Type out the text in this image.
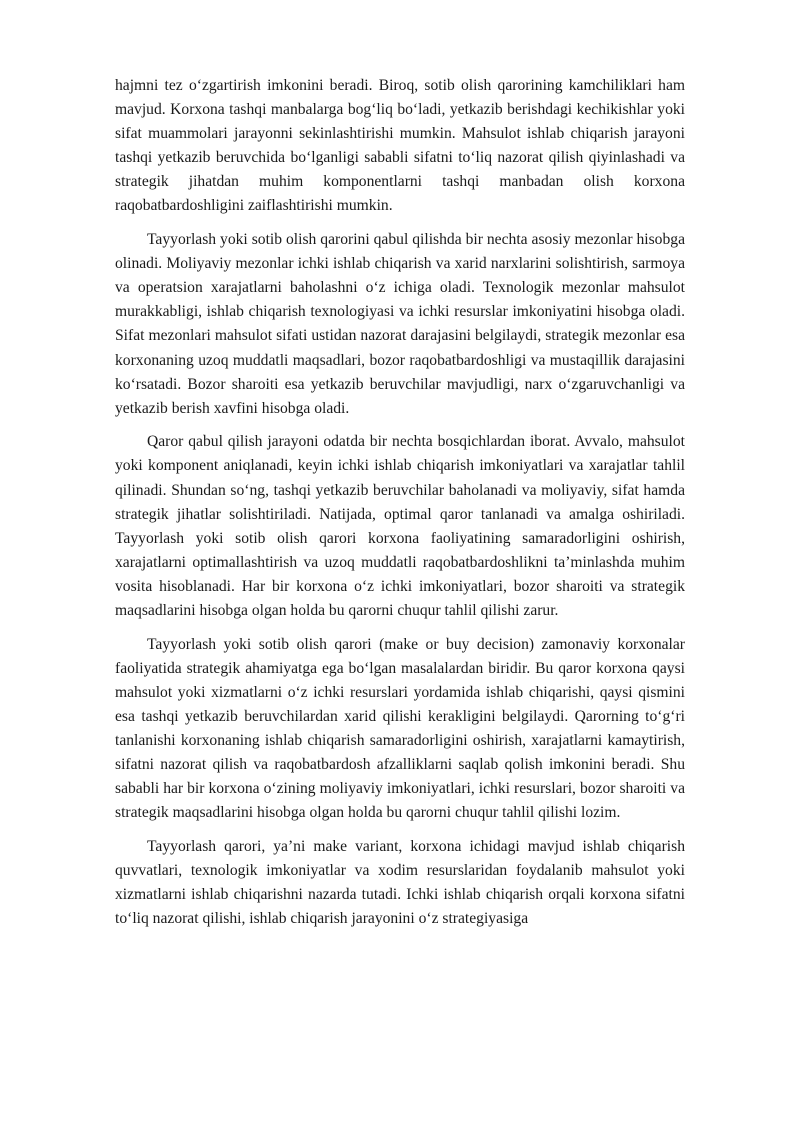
hajmni tez o‘zgartirish imkonini beradi. Biroq, sotib olish qarorining kamchiliklari ham mavjud. Korxona tashqi manbalarga bog‘liq bo‘ladi, yetkazib berishdagi kechikishlar yoki sifat muammolari jarayonni sekinlashtirishi mumkin. Mahsulot ishlab chiqarish jarayoni tashqi yetkazib beruvchida bo‘lganligi sababli sifatni to‘liq nazorat qilish qiyinlashadi va strategik jihatdan muhim komponentlarni tashqi manbadan olish korxona raqobatbardoshligini zaiflashtirishi mumkin.

Tayyorlash yoki sotib olish qarorini qabul qilishda bir nechta asosiy mezonlar hisobga olinadi. Moliyaviy mezonlar ichki ishlab chiqarish va xarid narxlarini solishtirish, sarmoya va operatsion xarajatlarni baholashni o‘z ichiga oladi. Texnologik mezonlar mahsulot murakkabligi, ishlab chiqarish texnologiyasi va ichki resurslar imkoniyatini hisobga oladi. Sifat mezonlari mahsulot sifati ustidan nazorat darajasini belgilaydi, strategik mezonlar esa korxonaning uzoq muddatli maqsadlari, bozor raqobatbardoshligi va mustaqillik darajasini ko‘rsatadi. Bozor sharoiti esa yetkazib beruvchilar mavjudligi, narx o‘zgaruvchanligi va yetkazib berish xavfini hisobga oladi.

Qaror qabul qilish jarayoni odatda bir nechta bosqichlardan iborat. Avvalo, mahsulot yoki komponent aniqlanadi, keyin ichki ishlab chiqarish imkoniyatlari va xarajatlar tahlil qilinadi. Shundan so‘ng, tashqi yetkazib beruvchilar baholanadi va moliyaviy, sifat hamda strategik jihatlar solishtiriladi. Natijada, optimal qaror tanlanadi va amalga oshiriladi. Tayyorlash yoki sotib olish qarori korxona faoliyatining samaradorligini oshirish, xarajatlarni optimallashtirish va uzoq muddatli raqobatbardoshlikni ta’minlashda muhim vosita hisoblanadi. Har bir korxona o‘z ichki imkoniyatlari, bozor sharoiti va strategik maqsadlarini hisobga olgan holda bu qarorni chuqur tahlil qilishi zarur.

Tayyorlash yoki sotib olish qarori (make or buy decision) zamonaviy korxonalar faoliyatida strategik ahamiyatga ega bo‘lgan masalalardan biridir. Bu qaror korxona qaysi mahsulot yoki xizmatlarni o‘z ichki resurslari yordamida ishlab chiqarishi, qaysi qismini esa tashqi yetkazib beruvchilardan xarid qilishi kerakligini belgilaydi. Qarorning to‘g‘ri tanlanishi korxonaning ishlab chiqarish samaradorligini oshirish, xarajatlarni kamaytirish, sifatni nazorat qilish va raqobatbardosh afzalliklarni saqlab qolish imkonini beradi. Shu sababli har bir korxona o‘zining moliyaviy imkoniyatlari, ichki resurslari, bozor sharoiti va strategik maqsadlarini hisobga olgan holda bu qarorni chuqur tahlil qilishi lozim.

Tayyorlash qarori, ya’ni make variant, korxona ichidagi mavjud ishlab chiqarish quvvatlari, texnologik imkoniyatlar va xodim resurslaridan foydalanib mahsulot yoki xizmatlarni ishlab chiqarishni nazarda tutadi. Ichki ishlab chiqarish orqali korxona sifatni to‘liq nazorat qilishi, ishlab chiqarish jarayonini o‘z strategiyasiga
